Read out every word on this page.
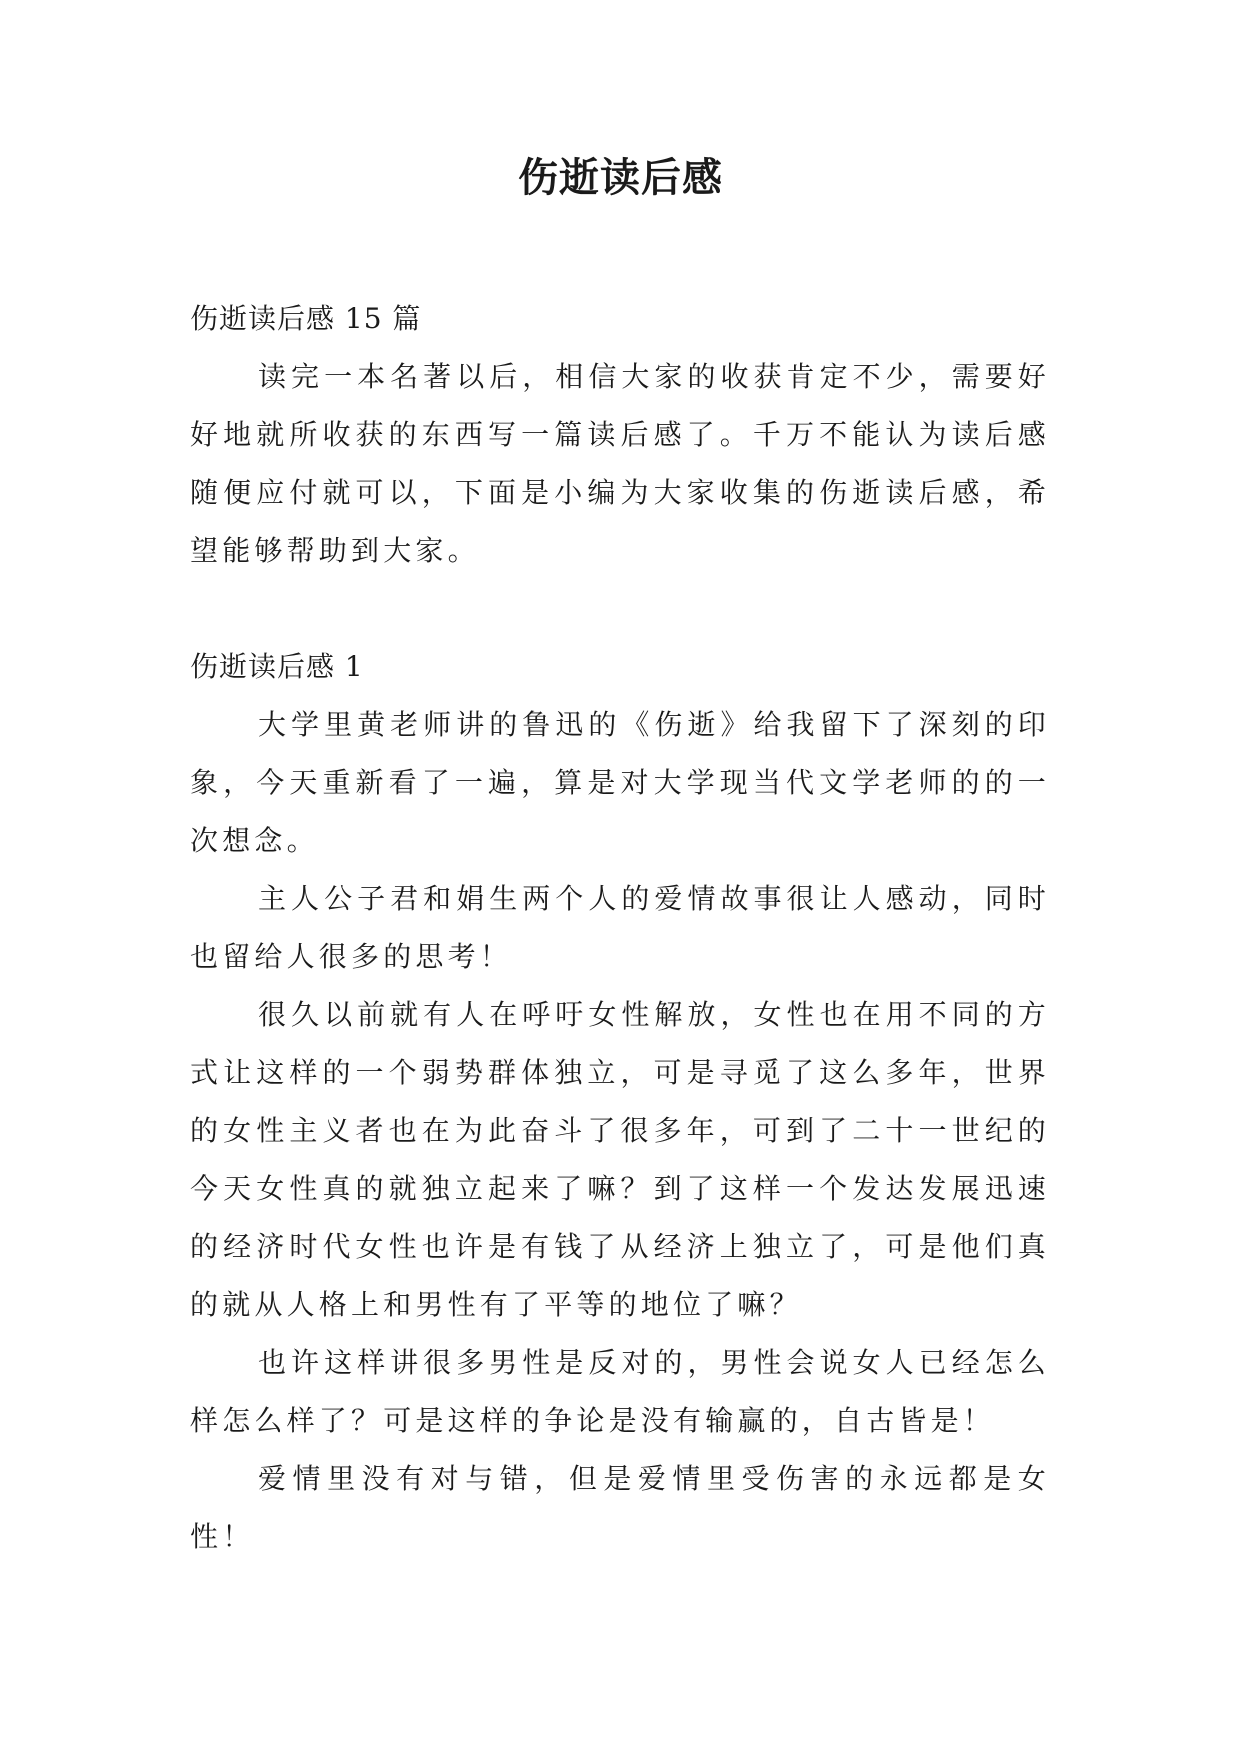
伤逝读后感

伤逝读后感 15 篇

读完一本名著以后，相信大家的收获肯定不少，需要好好地就所收获的东西写一篇读后感了。千万不能认为读后感随便应付就可以，下面是小编为大家收集的伤逝读后感，希望能够帮助到大家。

伤逝读后感 1

大学里黄老师讲的鲁迅的《伤逝》给我留下了深刻的印象，今天重新看了一遍，算是对大学现当代文学老师的的一次想念。

主人公子君和娟生两个人的爱情故事很让人感动，同时也留给人很多的思考！

很久以前就有人在呼吁女性解放，女性也在用不同的方式让这样的一个弱势群体独立，可是寻觅了这么多年，世界的女性主义者也在为此奋斗了很多年，可到了二十一世纪的今天女性真的就独立起来了嘛？到了这样一个发达发展迅速的经济时代女性也许是有钱了从经济上独立了，可是他们真的就从人格上和男性有了平等的地位了嘛？

也许这样讲很多男性是反对的，男性会说女人已经怎么样怎么样了？可是这样的争论是没有输赢的，自古皆是！

爱情里没有对与错，但是爱情里受伤害的永远都是女性！
